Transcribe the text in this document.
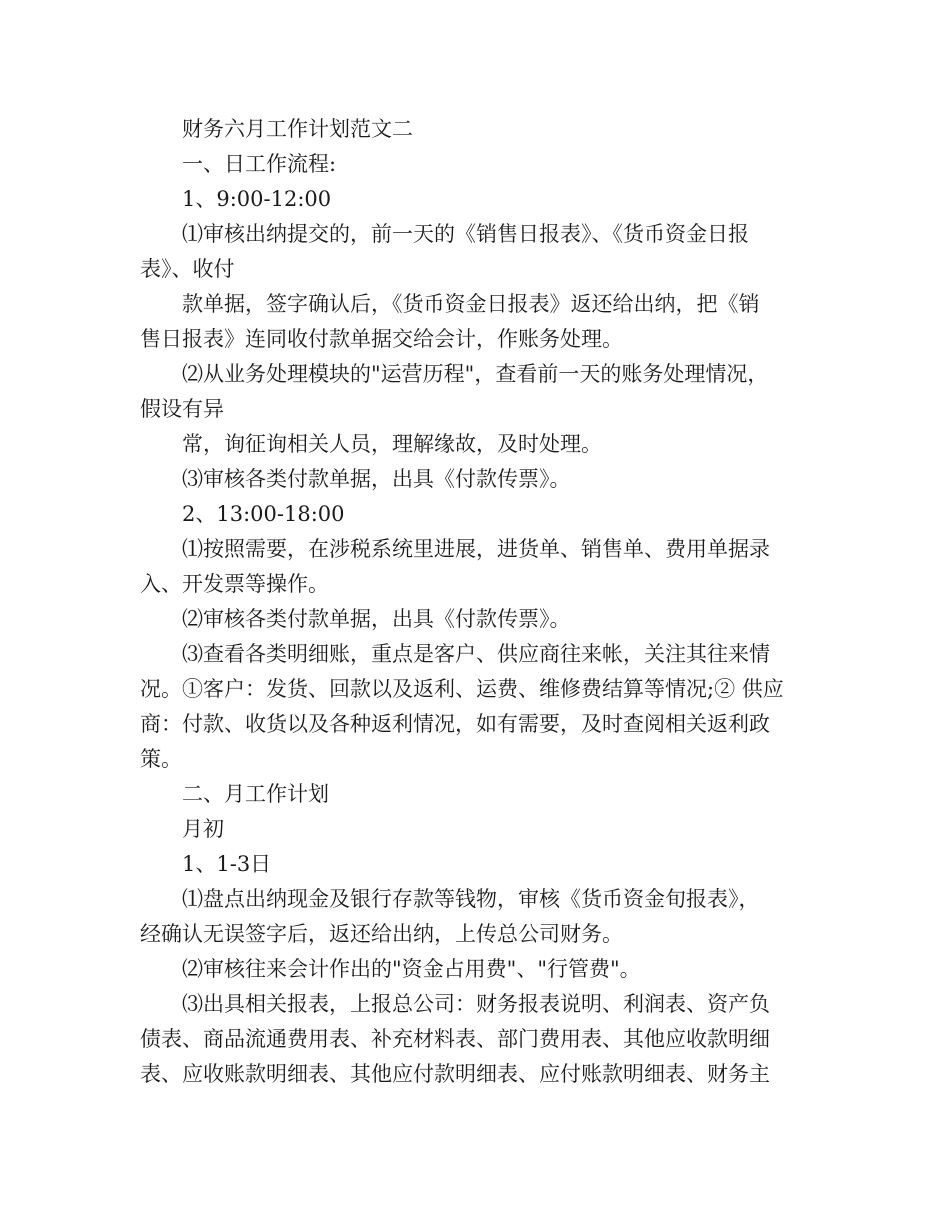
财务六月工作计划范文二
一、日工作流程:
1、9:00-12:00
⑴审核出纳提交的，前一天的《销售日报表》、《货币资金日报
表》、收付
款单据，签字确认后，《货币资金日报表》返还给出纳，把《销
售日报表》连同收付款单据交给会计，作账务处理。
⑵从业务处理模块的"运营历程"，查看前一天的账务处理情况，
假设有异
常，询征询相关人员，理解缘故，及时处理。
⑶审核各类付款单据，出具《付款传票》。
2、13:00-18:00
⑴按照需要，在涉税系统里进展，进货单、销售单、费用单据录
入、开发票等操作。
⑵审核各类付款单据，出具《付款传票》。
⑶查看各类明细账，重点是客户、供应商往来帐，关注其往来情
况。①客户：发货、回款以及返利、运费、维修费结算等情况;② 供应
商：付款、收货以及各种返利情况，如有需要，及时查阅相关返利政
策。
二、月工作计划
月初
1、1-3日
⑴盘点出纳现金及银行存款等钱物，审核《货币资金旬报表》，
经确认无误签字后，返还给出纳，上传总公司财务。
⑵审核往来会计作出的"资金占用费"、"行管费"。
⑶出具相关报表，上报总公司：财务报表说明、利润表、资产负
债表、商品流通费用表、补充材料表、部门费用表、其他应收款明细
表、应收账款明细表、其他应付款明细表、应付账款明细表、财务主
